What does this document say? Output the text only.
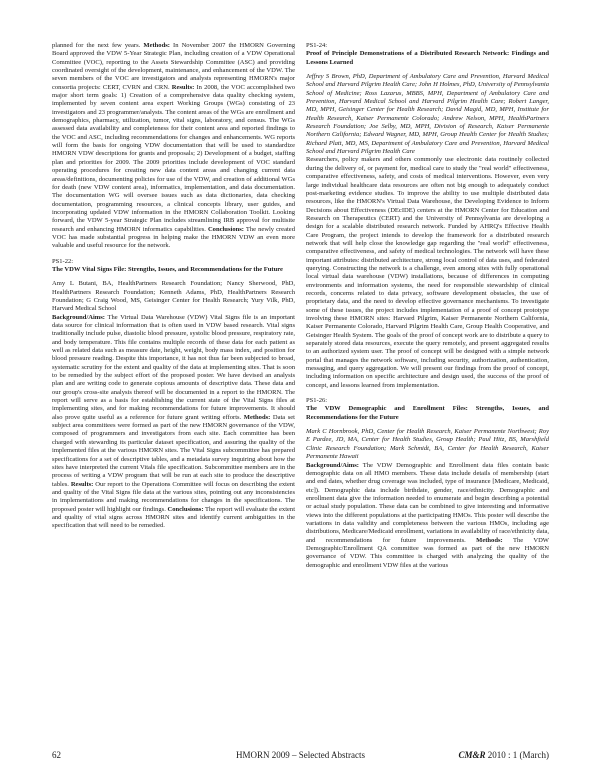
planned for the next few years. Methods: In November 2007 the HMORN Governing Board approved the VDW 5-Year Strategic Plan, including creation of a VDW Operational Committee (VOC), reporting to the Assets Stewardship Committee (ASC) and providing coordinated oversight of the development, maintenance, and enhancement of the VDW. The seven members of the VOC are investigators and analysts representing HMORN's major consortia projects: CERT, CVRN and CRN. Results: In 2008, the VOC accomplished two major short term goals: 1) Creation of a comprehensive data quality checking system, implemented by seven content area expert Working Groups (WGs) consisting of 23 investigators and 23 programmer/analysts. The content areas of the WGs are enrollment and demographics, pharmacy, utilization, tumor, vital signs, laboratory, and census. The WGs assessed data availability and completeness for their content area and reported findings to the VOC and ASC, including recommendations for changes and enhancements. WG reports will form the basis for ongoing VDW documentation that will be used to standardize HMORN VDW descriptions for grants and proposals; 2) Development of a budget, staffing plan and priorities for 2009. The 2009 priorities include development of VOC standard operating procedures for creating new data content areas and changing current data areas/definitions, documenting policies for use of the VDW, and creation of additional WGs for death (new VDW content area), informatics, implementation, and data documentation. The documentation WG will oversee issues such as data dictionaries, data checking documentation, programming resources, a clinical concepts library, user guides, and incorporating updated VDW information in the HMORN Collaboration Toolkit. Looking forward, the VDW 5-year Strategic Plan includes streamlining IRB approval for multisite research and enhancing HMORN informatics capabilities. Conclusions: The newly created VOC has made substantial progress in helping make the HMORN VDW an even more valuable and useful resource for the network.

PS1-22:
The VDW Vital Signs File: Strengths, Issues, and Recommendations for the Future
Amy L Butani, BA, HealthPartners Research Foundation; Nancy Sherwood, PhD, HealthPartners Research Foundation; Kenneth Adams, PhD, HealthPartners Research Foundation; G Craig Wood, MS, Geisinger Center for Health Research; Yury Vilk, PhD, Harvard Medical School

Background/Aims: The Virtual Data Warehouse (VDW) Vital Signs file is an important data source for clinical information that is often used in VDW based research. Vital signs traditionally include pulse, diastolic blood pressure, systolic blood pressure, respiratory rate, and body temperature. This file contains multiple records of these data for each patient as well as related data such as measure date, height, weight, body mass index, and position for blood pressure reading. Despite this importance, it has not thus far been subjected to broad, systematic scrutiny for the extent and quality of the data at implementing sites. That is soon to be remedied by the subject effort of the proposed poster. We have devised an analysis plan and are writing code to generate copious amounts of descriptive data. These data and our group's cross-site analysis thereof will be documented in a report to the HMORN. The report will serve as a basis for establishing the current state of the Vital Signs files at implementing sites, and for making recommendations for future improvements. It should also prove quite useful as a reference for future grant writing efforts. Methods: Data set subject area committees were formed as part of the new HMORN governance of the VDW, composed of programmers and investigators from each site. Each committee has been charged with stewarding its particular dataset specification, and assuring the quality of the implemented files at the various HMORN sites. The Vital Signs subcommittee has prepared specifications for a set of descriptive tables, and a metadata survey inquiring about how the sites have interpreted the current Vitals file specification. Subcommittee members are in the process of writing a VDW program that will be run at each site to produce the descriptive tables. Results: Our report to the Operations Committee will focus on describing the extent and quality of the Vital Signs file data at the various sites, pointing out any inconsistencies in implementations and making recommendations for changes in the specifications. The proposed poster will highlight our findings. Conclusions: The report will evaluate the extent and quality of vital signs across HMORN sites and identify current ambiguities in the specification that will need to be remedied.

PS1-24:
Proof of Principle Demonstrations of a Distributed Research Network: Findings and Lessons Learned
Jeffrey S Brown, PhD, Department of Ambulatory Care and Prevention, Harvard Medical School and Harvard Pilgrim Health Care; John H Holmes, PhD, University of Pennsylvania School of Medicine; Ross Lazarus, MBBS, MPH, Department of Ambulatory Care and Prevention, Harvard Medical School and Harvard Pilgrim Health Care; Robert Langer, MD, MPH, Geisinger Center for Health Research; David Magid, MD, MPH, Institute for Health Research, Kaiser Permanente Colorado; Andrew Nelson, MPH, HealthPartners Research Foundation; Joe Selby, MD, MPH, Division of Research, Kaiser Permanente Northern California; Edward Wagner, MD, MPH, Group Health Center for Health Studies; Richard Platt, MD, MS, Department of Ambulatory Care and Prevention, Harvard Medical School and Harvard Pilgrim Health Care

Researchers, policy makers and others commonly use electronic data routinely collected during the delivery of, or payment for, medical care to study the "real world" effectiveness, comparative effectiveness, safety, and costs of medical interventions. However, even very large individual healthcare data resources are often not big enough to adequately conduct post-marketing evidence studies. To improve the ability to use multiple distributed data resources, like the HMORN's Virtual Data Warehouse, the Developing Evidence to Inform Decisions about Effectiveness (DEcIDE) centers at the HMORN Center for Education and Research on Therapeutics (CERT) and the University of Pennsylvania are developing a design for a scalable distributed research network. Funded by AHRQ's Effective Health Care Program, the project intends to develop the framework for a distributed research network that will help close the knowledge gap regarding the "real world" effectiveness, comparative effectiveness, and safety of medical technologies. The network will have these important attributes: distributed architecture, strong local control of data uses, and federated querying. Constructing the network is a challenge, even among sites with fully operational local virtual data warehouse (VDW) installations, because of differences in computing environments and information systems, the need for responsible stewardship of clinical records, concerns related to data privacy, software development obstacles, the use of proprietary data, and the need to develop effective governance mechanisms. To investigate some of these issues, the project includes implementation of a proof of concept prototype involving these HMORN sites: Harvard Pilgrim, Kaiser Permanente Northern California, Kaiser Permanente Colorado, Harvard Pilgrim Health Care, Group Health Cooperative, and Geisinger Health System. The goals of the proof of concept work are to distribute a query to separately stored data resources, execute the query remotely, and present aggregated results to an authorized system user. The proof of concept will be designed with a simple network portal that manages the network software, including security, authorization, authentication, messaging, and query aggregation. We will present our findings from the proof of concept, including information on specific architecture and design used, the success of the proof of concept, and lessons learned from implementation.

PS1-26:
The VDW Demographic and Enrollment Files: Strengths, Issues, and Recommendations for the Future
Mark C Hornbrook, PhD, Center for Health Research, Kaiser Permanente Northwest; Roy E Pardee, JD, MA, Center for Health Studies, Group Health; Paul Hitz, BS, Marshfield Clinic Research Foundation; Mark Schmidt, BA, Center for Health Research, Kaiser Permanente Hawaii

Background/Aims: The VDW Demographic and Enrollment data files contain basic demographic data on all HMO members. These data include details of membership (start and end dates, whether drug coverage was included, type of insurance [Medicare, Medicaid, etc]). Demographic data include birthdate, gender, race/ethnicity. Demographic and enrollment data give the information needed to enumerate and begin describing a potential or actual study population. These data can be combined to give interesting and informative views into the different populations at the participating HMOs. This poster will describe the variations in data validity and completeness between the various HMOs, including age distributions, Medicare/Medicaid enrollment, variations in availability of race/ethnicity data, and recommendations for future improvements. Methods: The VDW Demographic/Enrollment QA committee was formed as part of the new HMORN governance of VDW. This committee is charged with analyzing the quality of the demographic and enrollment VDW files at the various

62	HMORN 2009 – Selected Abstracts	CM&R 2010 : 1 (March)
